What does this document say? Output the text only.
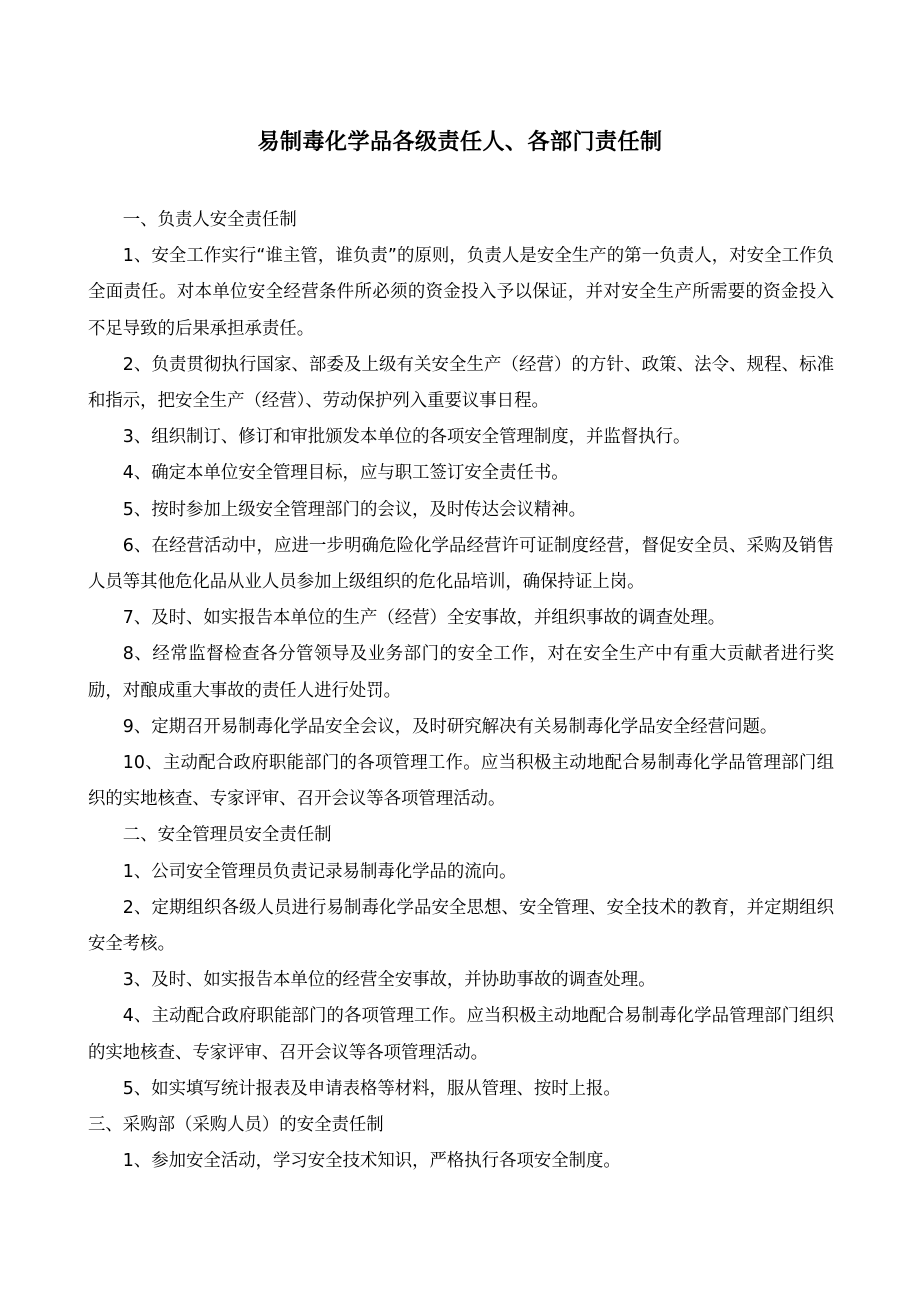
易制毒化学品各级责任人、各部门责任制

一、负责人安全责任制

1、安全工作实行“谁主管，谁负责”的原则，负责人是安全生产的第一负责人，对安全工作负全面责任。对本单位安全经营条件所必须的资金投入予以保证，并对安全生产所需要的资金投入不足导致的后果承担承责任。

2、负责贯彻执行国家、部委及上级有关安全生产（经营）的方针、政策、法令、规程、标准和指示，把安全生产（经营）、劳动保护列入重要议事日程。

3、组织制订、修订和审批颁发本单位的各项安全管理制度，并监督执行。

4、确定本单位安全管理目标，应与职工签订安全责任书。

5、按时参加上级安全管理部门的会议，及时传达会议精神。

6、在经营活动中，应进一步明确危险化学品经营许可证制度经营，督促安全员、采购及销售人员等其他危化品从业人员参加上级组织的危化品培训，确保持证上岗。

7、及时、如实报告本单位的生产（经营）全安事故，并组织事故的调查处理。

8、经常监督检查各分管领导及业务部门的安全工作，对在安全生产中有重大贡献者进行奖励，对酿成重大事故的责任人进行处罚。

9、定期召开易制毒化学品安全会议，及时研究解决有关易制毒化学品安全经营问题。

10、主动配合政府职能部门的各项管理工作。应当积极主动地配合易制毒化学品管理部门组织的实地核查、专家评审、召开会议等各项管理活动。

二、安全管理员安全责任制

1、公司安全管理员负责记录易制毒化学品的流向。

2、定期组织各级人员进行易制毒化学品安全思想、安全管理、安全技术的教育，并定期组织安全考核。

3、及时、如实报告本单位的经营全安事故，并协助事故的调查处理。

4、主动配合政府职能部门的各项管理工作。应当积极主动地配合易制毒化学品管理部门组织的实地核查、专家评审、召开会议等各项管理活动。

5、如实填写统计报表及申请表格等材料，服从管理、按时上报。

三、采购部（采购人员）的安全责任制

1、参加安全活动，学习安全技术知识，严格执行各项安全制度。
